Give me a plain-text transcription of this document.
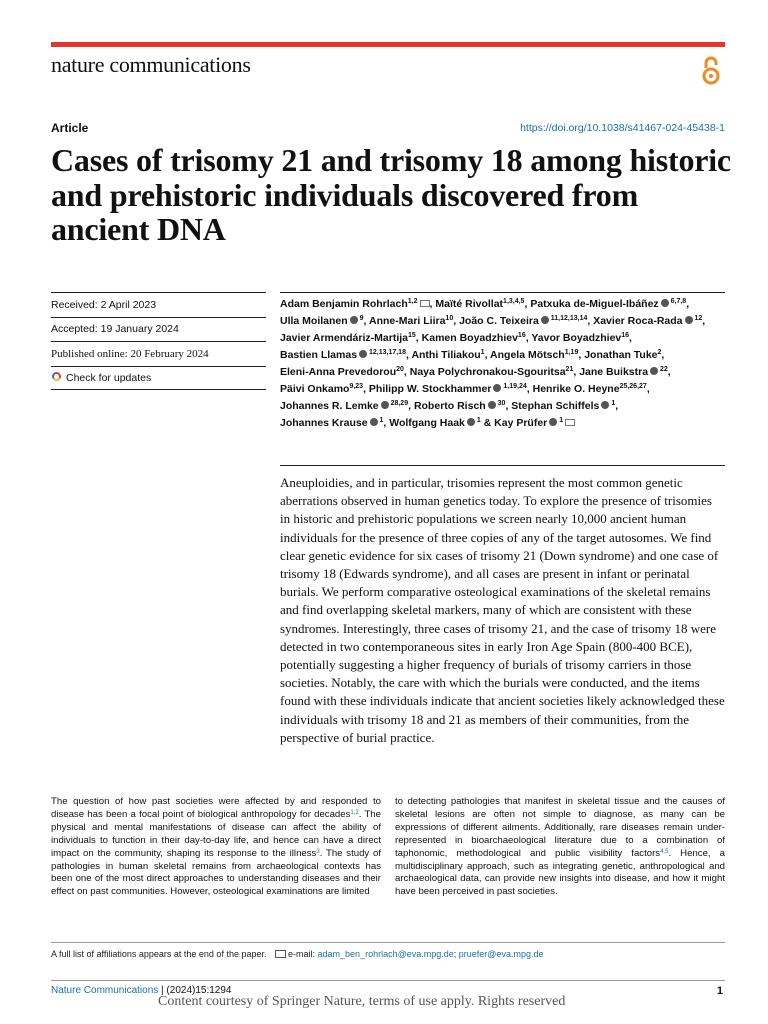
nature communications
Article	https://doi.org/10.1038/s41467-024-45438-1
Cases of trisomy 21 and trisomy 18 among historic and prehistoric individuals discovered from ancient DNA
Received: 2 April 2023
Accepted: 19 January 2024
Published online: 20 February 2024
Check for updates
Adam Benjamin Rohrlach$^{1,2}$ , Maïté Rivollat$^{1,3,4,5}$, Patxuka de-Miguel-Ibáñez $^{6,7,8}$, Ulla Moilanen $^9$, Anne-Mari Liira$^{10}$, João C. Teixeira $^{11,12,13,14}$, Xavier Roca-Rada $^{12}$, Javier Armendáriz-Martija$^{15}$, Kamen Boyadzhiev$^{16}$, Yavor Boyadzhiev$^{16}$, Bastien Llamas $^{12,13,17,18}$, Anthi Tiliakou$^1$, Angela Mötsch$^{1,19}$, Jonathan Tuke$^2$, Eleni-Anna Prevedorou$^{20}$, Naya Polychronakou-Sgouritsa$^{21}$, Jane Buikstra $^{22}$, Päivi Onkamo$^{9,23}$, Philipp W. Stockhammer $^{1,19,24}$, Henrike O. Heyne$^{25,26,27}$, Johannes R. Lemke $^{28,29}$, Roberto Risch $^{30}$, Stephan Schiffels $^1$, Johannes Krause $^1$, Wolfgang Haak $^1$ & Kay Prüfer $^1$

Aneuploidies, and in particular, trisomies represent the most common genetic aberrations observed in human genetics today. To explore the presence of trisomies in historic and prehistoric populations we screen nearly 10,000 ancient human individuals for the presence of three copies of any of the target autosomes. We find clear genetic evidence for six cases of trisomy 21 (Down syndrome) and one case of trisomy 18 (Edwards syndrome), and all cases are present in infant or perinatal burials. We perform comparative osteological examinations of the skeletal remains and find overlapping skeletal markers, many of which are consistent with these syndromes. Interestingly, three cases of trisomy 21, and the case of trisomy 18 were detected in two contemporaneous sites in early Iron Age Spain (800-400 BCE), potentially suggesting a higher frequency of burials of trisomy carriers in those societies. Notably, the care with which the burials were conducted, and the items found with these individuals indicate that ancient societies likely acknowledged these individuals with trisomy 18 and 21 as members of their communities, from the perspective of burial practice.

The question of how past societies were affected by and responded to disease has been a focal point of biological anthropology for decades$^{1,2}$. The physical and mental manifestations of disease can affect the ability of individuals to function in their day-to-day life, and hence can have a direct impact on the community, shaping its response to the illness$^3$. The study of pathologies in human skeletal remains from archaeological contexts has been one of the most direct approaches to understanding diseases and their effect on past communities. However, osteological examinations are limited
to detecting pathologies that manifest in skeletal tissue and the causes of skeletal lesions are often not simple to diagnose, as many can be expressions of different ailments. Additionally, rare diseases remain under-represented in bioarchaeological literature due to a combination of taphonomic, methodological and public visibility factors$^{4,5}$. Hence, a multidisciplinary approach, such as integrating genetic, anthropological and archaeological data, can provide new insights into disease, and how it might have been perceived in past societies.
A full list of affiliations appears at the end of the paper. e-mail: adam_ben_rohrlach@eva.mpg.de; pruefer@eva.mpg.de
Nature Communications | (2024)15:1294	1
Content courtesy of Springer Nature, terms of use apply. Rights reserved
